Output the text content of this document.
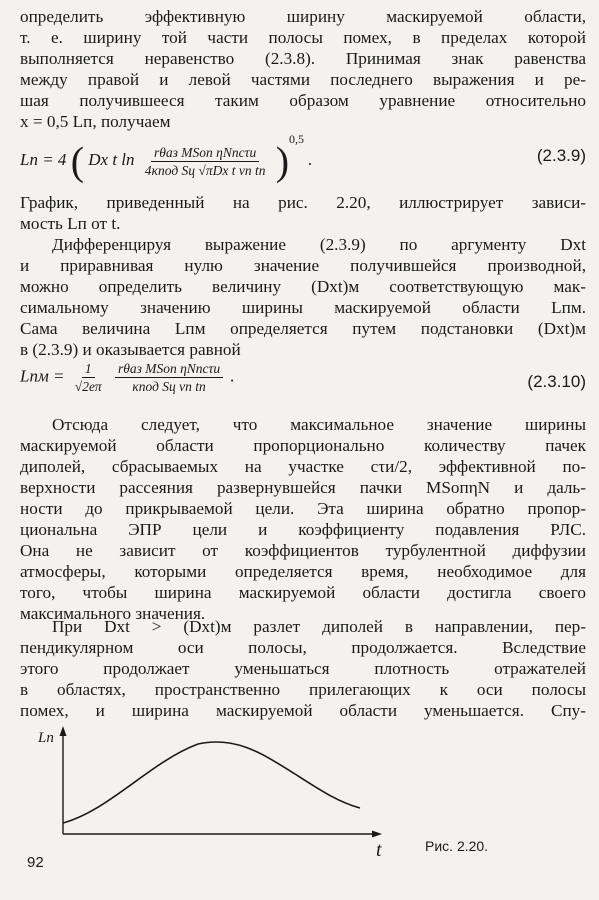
определить эффективную ширину маскируемой области,
т. е. ширину той части полосы помех, в пределах которой
выполняется неравенство (2.3.8). Принимая знак равенства
между правой и левой частями последнего выражения и ре-
шая получившееся таким образом уравнение относительно
x = 0,5 Lп, получаем
Lп = 4 ( Dx t $\ln \frac{\text{rθаз MSоп ηNпcτи}}{\text{4κпод Sц √πDx t vп tп}} )^{0,5}$ .	(2.3.9)
График, приведенный на рис. 2.20, иллюстрирует зависи-
мость Lп от t.
Дифференцируя выражение (2.3.9) по аргументу Dxt
и приравнивая нулю значение получившейся производной,
можно определить величину (Dxt)м соответствующую мак-
симальному значению ширины маскируемой области Lпм.
Сама величина Lпм определяется путем подстановки (Dxt)м
в (2.3.9) и оказывается равной
Lпм = $\frac{1}{√2e\pi}$
$\frac{\text{rθаз MSоп ηNпcτи}}{\text{κпод Sц vп tп}}$ .	(2.3.10)
Отсюда следует, что максимальное значение ширины
маскируемой области пропорционально количеству пачек
диполей, сбрасываемых на участке cτи/2, эффективной по-
верхности рассеяния развернувшейся пачки MSопηN и даль-
ности до прикрываемой цели. Эта ширина обратно пропор-
циональна ЭПР цели и коэффициенту подавления РЛС.
Она не зависит от коэффициентов турбулентной диффузии
атмосферы, которыми определяется время, необходимое для
того, чтобы ширина маскируемой области достигла своего
максимального значения.
При Dxt > (Dxt)м разлет диполей в направлении, пер-
пендикулярном оси полосы, продолжается. Вследствие
этого продолжает уменьшаться плотность отражателей
в областях, пространственно прилегающих к оси полосы
помех, и ширина маскируемой области уменьшается. Спу-
Lп
t	Рис. 2.20.
92
